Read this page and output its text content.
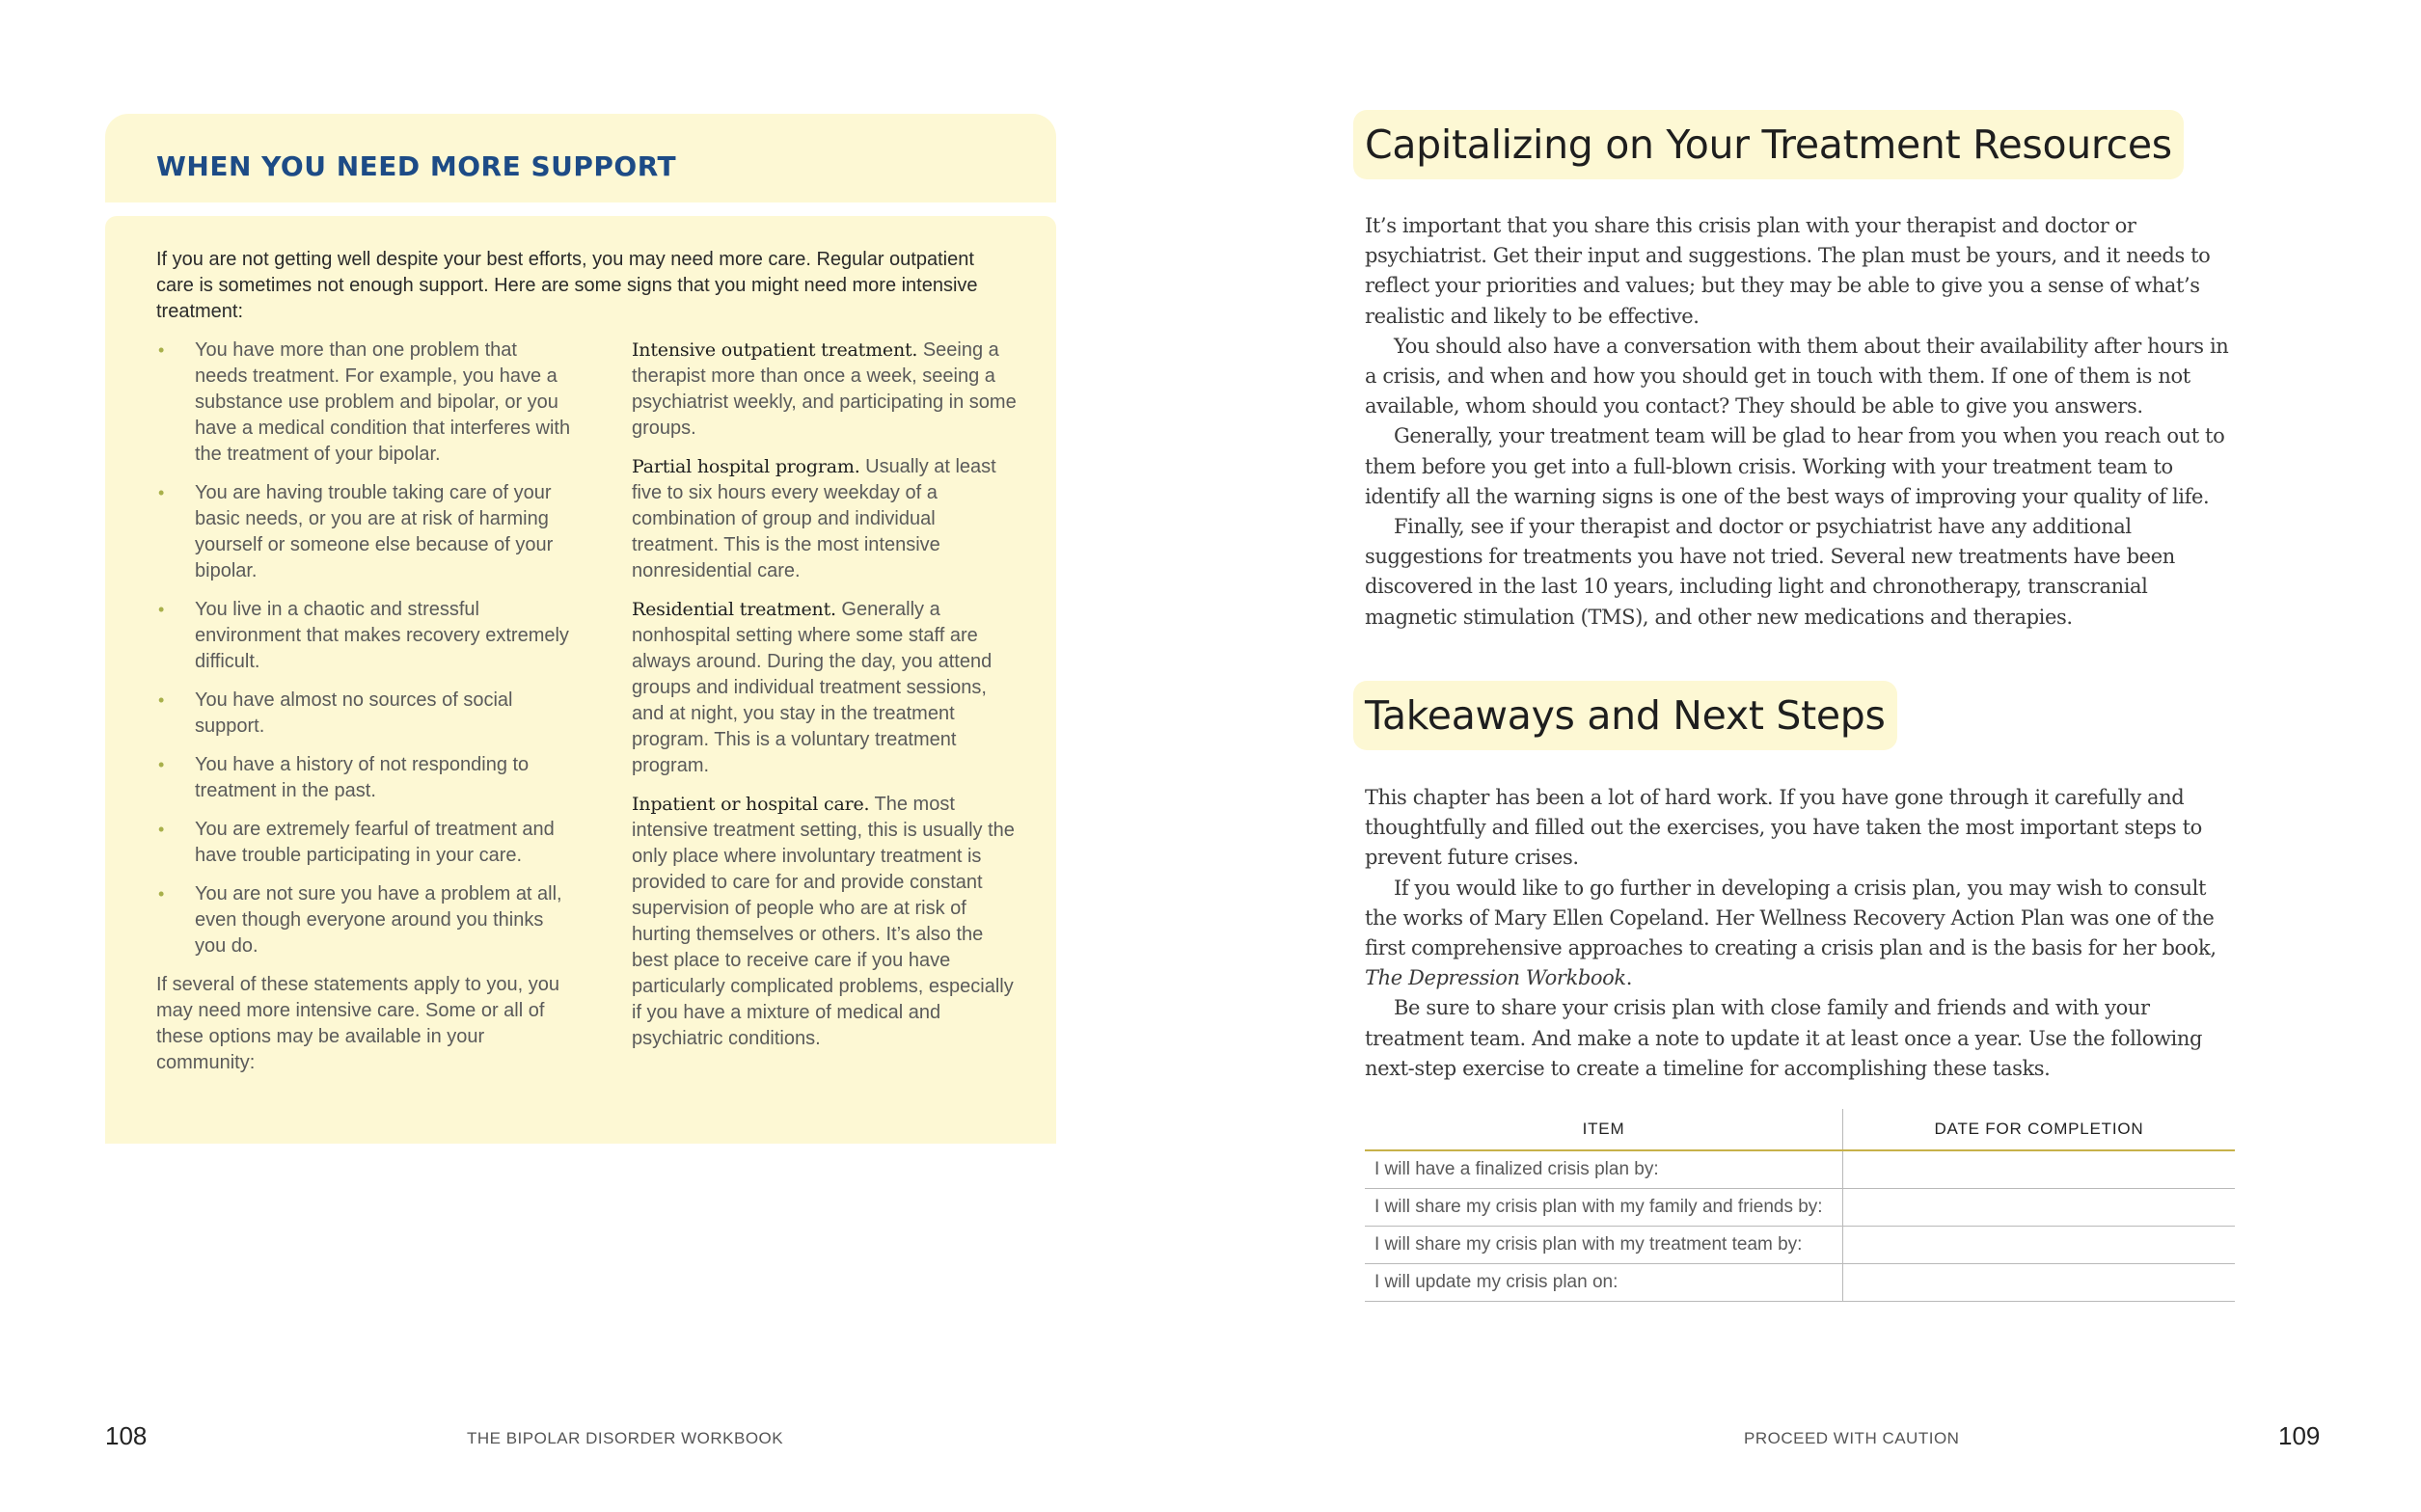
WHEN YOU NEED MORE SUPPORT
If you are not getting well despite your best efforts, you may need more care. Regular outpatient care is sometimes not enough support. Here are some signs that you might need more intensive treatment:
• You have more than one problem that needs treatment. For example, you have a substance use problem and bipolar, or you have a medical condition that interferes with the treatment of your bipolar.
• You are having trouble taking care of your basic needs, or you are at risk of harming yourself or someone else because of your bipolar.
• You live in a chaotic and stressful environment that makes recovery extremely difficult.
• You have almost no sources of social support.
• You have a history of not responding to treatment in the past.
• You are extremely fearful of treatment and have trouble participating in your care.
• You are not sure you have a problem at all, even though everyone around you thinks you do.

If several of these statements apply to you, you may need more intensive care. Some or all of these options may be available in your community:

Intensive outpatient treatment. Seeing a therapist more than once a week, seeing a psychiatrist weekly, and participating in some groups.

Partial hospital program. Usually at least five to six hours every weekday of a combination of group and individual treatment. This is the most intensive nonresidential care.

Residential treatment. Generally a nonhospital setting where some staff are always around. During the day, you attend groups and individual treatment sessions, and at night, you stay in the treatment program. This is a voluntary treatment program.

Inpatient or hospital care. The most intensive treatment setting, this is usually the only place where involuntary treatment is provided to care for and provide constant supervision of people who are at risk of hurting themselves or others. It’s also the best place to receive care if you have particularly complicated problems, especially if you have a mixture of medical and psychiatric conditions.

108	THE BIPOLAR DISORDER WORKBOOK
Capitalizing on Your Treatment Resources

It’s important that you share this crisis plan with your therapist and doctor or psychiatrist. Get their input and suggestions. The plan must be yours, and it needs to reflect your priorities and values; but they may be able to give you a sense of what’s realistic and likely to be effective.

You should also have a conversation with them about their availability after hours in a crisis, and when and how you should get in touch with them. If one of them is not available, whom should you contact? They should be able to give you answers.

Generally, your treatment team will be glad to hear from you when you reach out to them before you get into a full-blown crisis. Working with your treatment team to identify all the warning signs is one of the best ways of improving your quality of life.

Finally, see if your therapist and doctor or psychiatrist have any additional suggestions for treatments you have not tried. Several new treatments have been discovered in the last 10 years, including light and chronotherapy, transcranial magnetic stimulation (TMS), and other new medications and therapies.

Takeaways and Next Steps

This chapter has been a lot of hard work. If you have gone through it carefully and thoughtfully and filled out the exercises, you have taken the most important steps to prevent future crises.

If you would like to go further in developing a crisis plan, you may wish to consult the works of Mary Ellen Copeland. Her Wellness Recovery Action Plan was one of the first comprehensive approaches to creating a crisis plan and is the basis for her book, The Depression Workbook.

Be sure to share your crisis plan with close family and friends and with your treatment team. And make a note to update it at least once a year. Use the following next-step exercise to create a timeline for accomplishing these tasks.

ITEM	DATE FOR COMPLETION
I will have a finalized crisis plan by:	
I will share my crisis plan with my family and friends by:	
I will share my crisis plan with my treatment team by:	
I will update my crisis plan on:	
PROCEED WITH CAUTION	109
